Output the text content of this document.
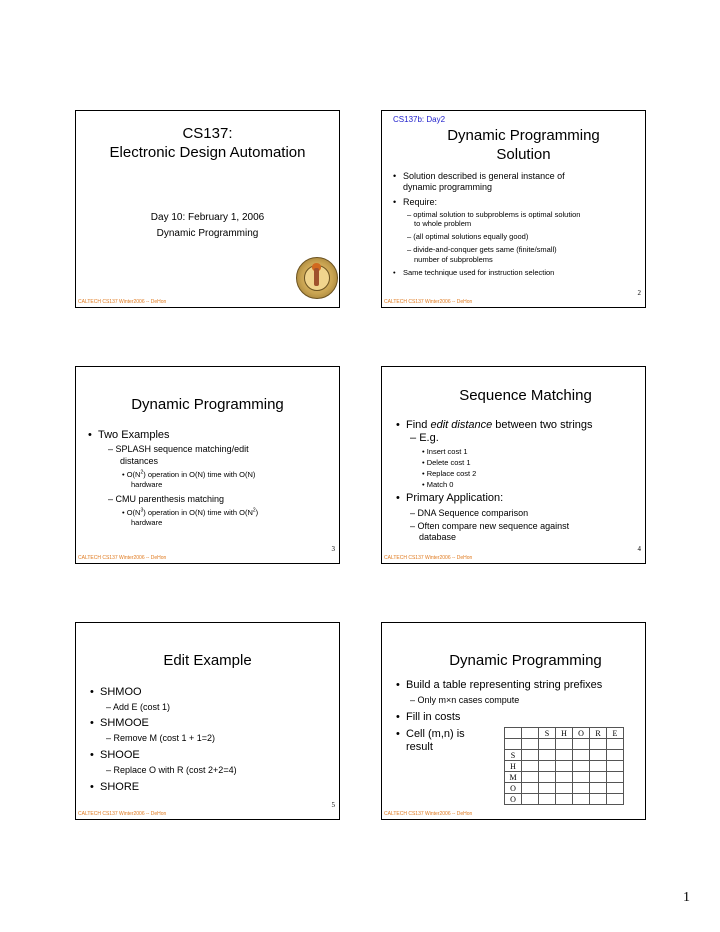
CS137:
Electronic Design Automation
Day 10: February 1, 2006
Dynamic Programming
CALTECH CS137 Winter2006 -- DeHon
CS137b: Day2
Dynamic Programming
Solution
• Solution described is general instance of
dynamic programming
• Require:
– optimal solution to subproblems is optimal solution
to whole problem
– (all optimal solutions equally good)
– divide-and-conquer gets same (finite/small)
number of subproblems
• Same technique used for instruction selection
2
CALTECH CS137 Winter2006 -- DeHon
Dynamic Programming
• Two Examples
– SPLASH sequence matching/edit
distances
• $O(N^2)$ operation in O(N) time with O(N)
hardware
– CMU parenthesis matching
• $O(N^3)$ operation in O(N) time with $O(N^2)$
hardware
3
CALTECH CS137 Winter2006 -- DeHon
Sequence Matching
• Find edit distance between two strings
– E.g.
• Insert cost 1
• Delete cost 1
• Replace cost 2
• Match 0
• Primary Application:
– DNA Sequence comparison
– Often compare new sequence against
database
4
CALTECH CS137 Winter2006 -- DeHon
Edit Example
• SHMOO
– Add E (cost 1)
• SHMOOE
– Remove M (cost 1 + 1=2)
• SHOOE
– Replace O with R (cost 2+2=4)
• SHORE
5
CALTECH CS137 Winter2006 -- DeHon
Dynamic Programming
• Build a table representing string prefixes
– Only m×n cases compute
• Fill in costs
• Cell (m,n) is
result
		S	H	O	R	E

S						
H						
M						
O						
O						
CALTECH CS137 Winter2006 -- DeHon
1
